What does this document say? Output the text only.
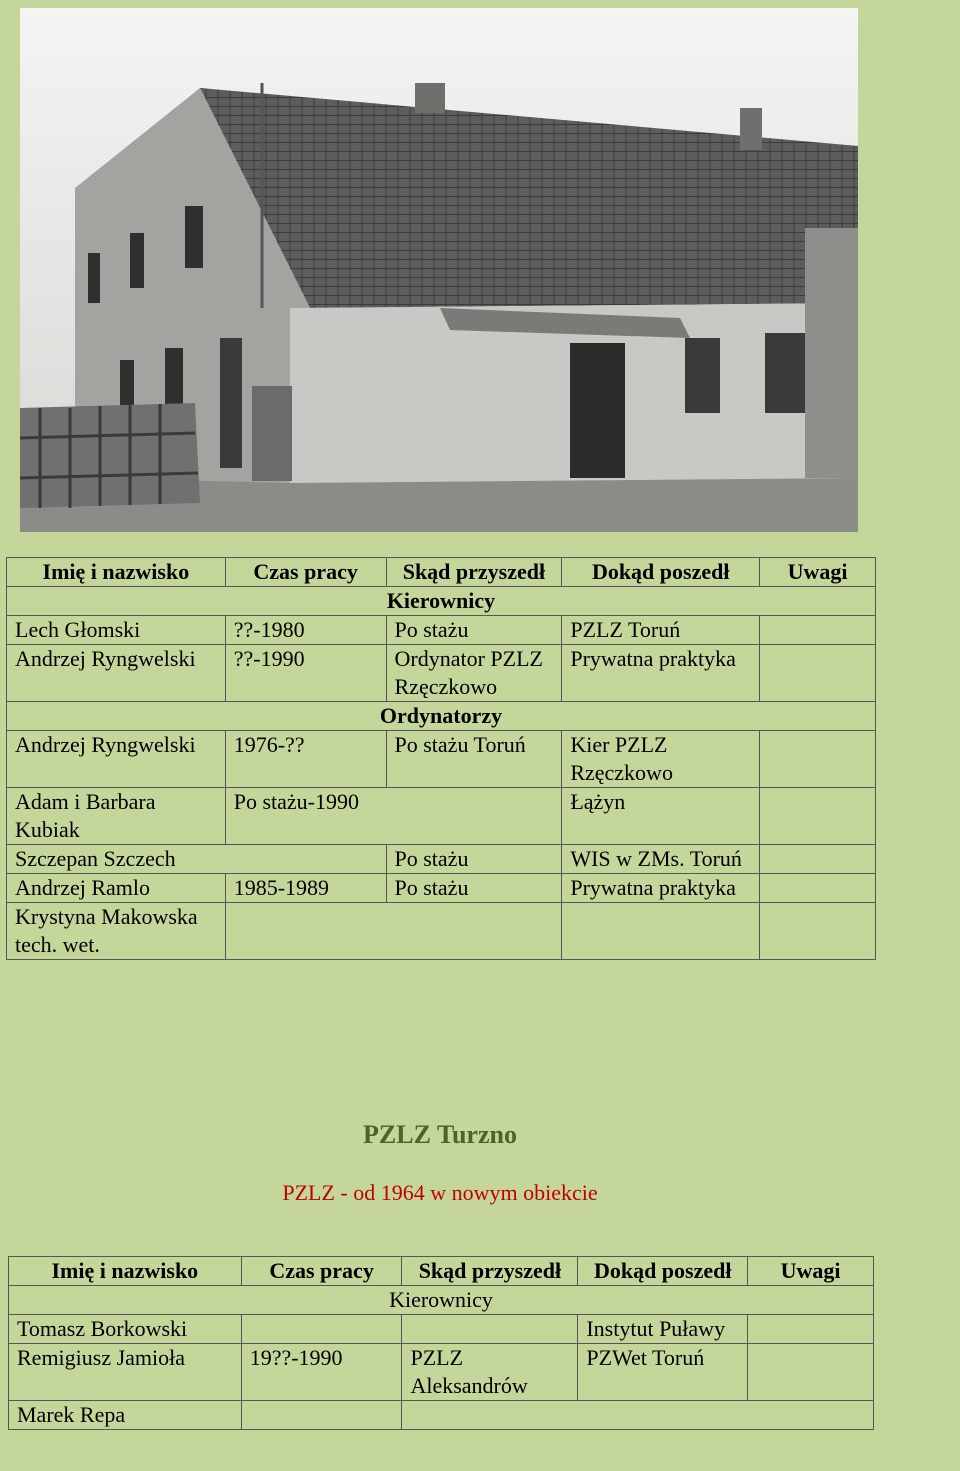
Imię i nazwisko	Czas pracy	Skąd przyszedł	Dokąd poszedł	Uwagi
Kierownicy				
Lech Głomski	??-1980	Po stażu	PZLZ Toruń	
Andrzej Ryngwelski	??-1990	Ordynator PZLZ Rzęczkowo	Prywatna praktyka	
Ordynatorzy				
Andrzej Ryngwelski	1976-??	Po stażu Toruń	Kier PZLZ Rzęczkowo	
Adam i Barbara Kubiak	Po stażu-1990		Łążyn	
Szczepan Szczech		Po stażu	WIS w ZMs. Toruń	
Andrzej Ramlo	1985-1989	Po stażu	Prywatna praktyka	
Krystyna Makowska tech. wet.				
PZLZ Turzno
PZLZ - od 1964 w nowym obiekcie
Imię i nazwisko	Czas pracy	Skąd przyszedł	Dokąd poszedł	Uwagi
Kierownicy				
Tomasz Borkowski			Instytut Puławy	
Remigiusz Jamioła	19??-1990	PZLZ Aleksandrów	PZWet Toruń	
Marek Repa				
